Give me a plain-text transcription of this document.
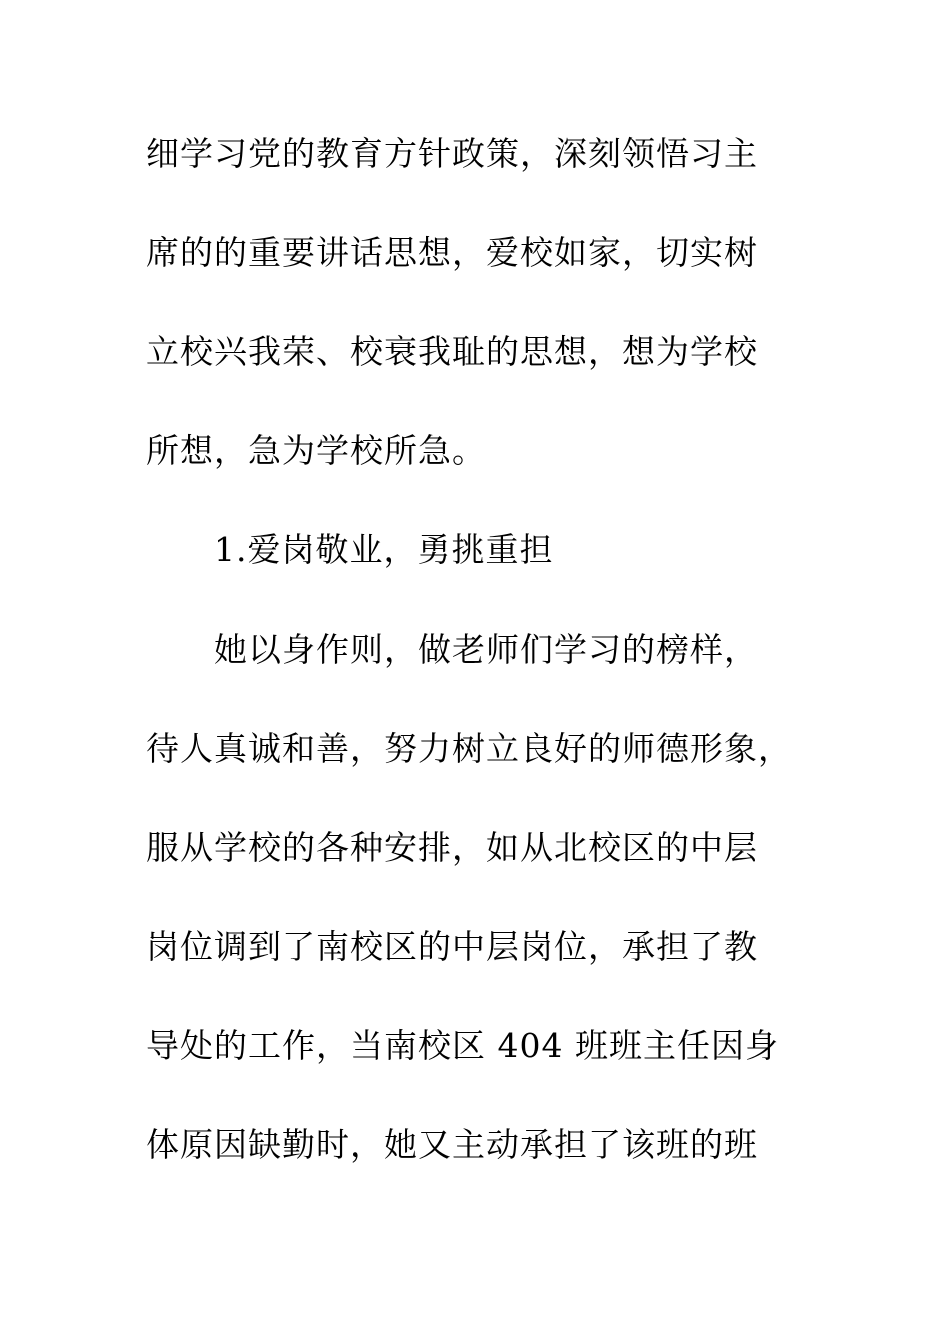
细学习党的教育方针政策，深刻领悟习主
席的的重要讲话思想，爱校如家，切实树
立校兴我荣、校衰我耻的思想，想为学校
所想，急为学校所急。
1.爱岗敬业，勇挑重担
她以身作则，做老师们学习的榜样，
待人真诚和善，努力树立良好的师德形象，
服从学校的各种安排，如从北校区的中层
岗位调到了南校区的中层岗位，承担了教
导处的工作，当南校区 404 班班主任因身
体原因缺勤时，她又主动承担了该班的班
